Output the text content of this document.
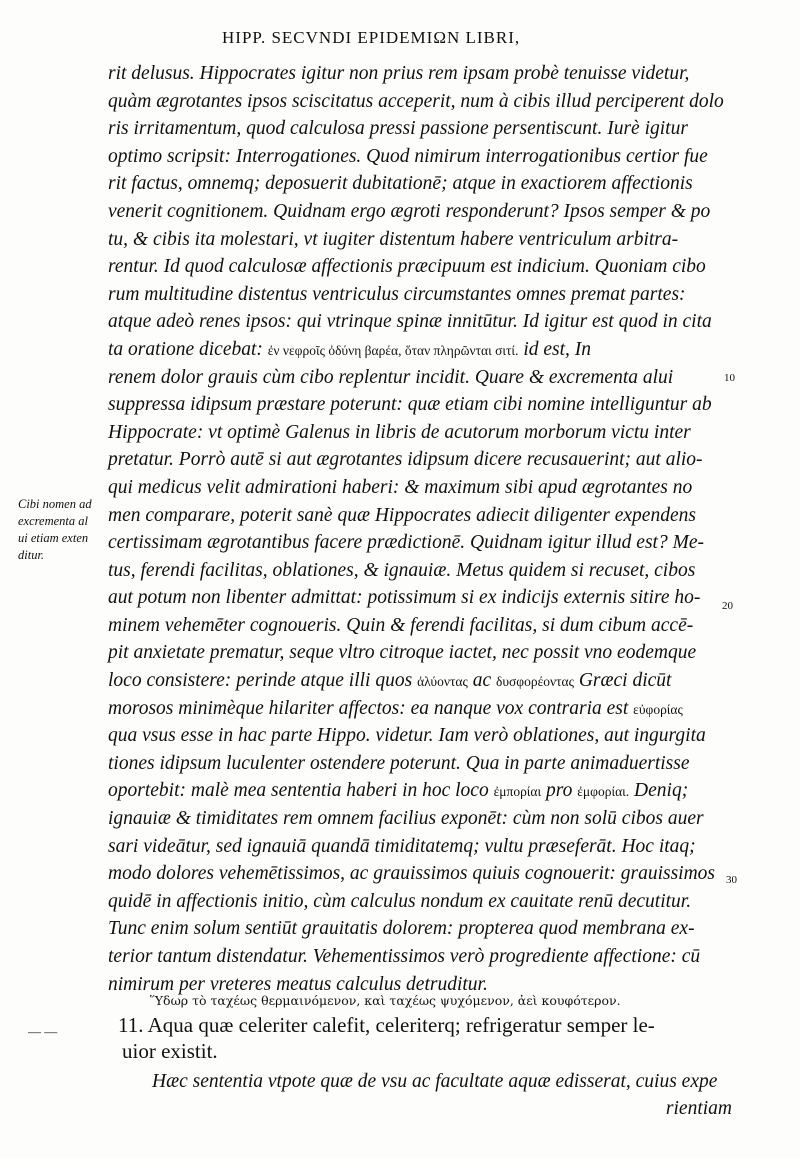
HIPP. SECVNDI EPIDEMIΩN LIBRI,
rit delusus. Hippocrates igitur non prius rem ipsam probè tenuisse videtur,
quàm ægrotantes ipsos sciscitatus acceperit, num à cibis illud perciperent dolo
ris irritamentum, quod calculosa pressi passione persentiscunt. Iurè igitur
optimo scripsit: Interrogationes. Quod nimirum interrogationibus certior fue
rit factus, omnemq; deposuerit dubitationē; atque in exactiorem affectionis
venerit cognitionem. Quidnam ergo ægroti responderunt? Ipsos semper & po
tu, & cibis ita molestari, vt iugiter distentum habere ventriculum arbitra-
rentur. Id quod calculosæ affectionis præcipuum est indicium. Quoniam cibo
rum multitudine distentus ventriculus circumstantes omnes premat partes:
atque adeò renes ipsos: qui vtrinque spinæ innitūtur. Id igitur est quod in cita
ta oratione dicebat: ἐν νεφροῖς ὀδύνη βαρέα, ὅταν πληρῶνται σιτί. id est, In
renem dolor grauis cùm cibo replentur incidit. Quare & excrementa alui
suppressa idipsum præstare poterunt: quæ etiam cibi nomine intelliguntur ab
Hippocrate: vt optimè Galenus in libris de acutorum morborum victu inter
pretatur. Porrò autē si aut ægrotantes idipsum dicere recusauerint; aut alio-
qui medicus velit admirationi haberi: & maximum sibi apud ægrotantes no
men comparare, poterit sanè quæ Hippocrates adiecit diligenter expendens
certissimam ægrotantibus facere prædictionē. Quidnam igitur illud est? Me-
tus, ferendi facilitas, oblationes, & ignauiæ. Metus quidem si recuset, cibos
aut potum non libenter admittat: potissimum si ex indicijs externis sitire ho-
minem vehemēter cognoueris. Quin & ferendi facilitas, si dum cibum accē-
pit anxietate prematur, seque vltro citroque iactet, nec possit vno eodemque
loco consistere: perinde atque illi quos ἀλύοντας ac δυσφορέοντας Græci dicūt
morosos minimèque hilariter affectos: ea nanque vox contraria est εὐφορίας
qua vsus esse in hac parte Hippo. videtur. Iam verò oblationes, aut ingurgita
tiones idipsum luculenter ostendere poterunt. Qua in parte animaduertisse
oportebit: malè mea sententia haberi in hoc loco ἐμπορίαι pro ἐμφορίαι. Deniq;
ignauiæ & timiditates rem omnem facilius exponēt: cùm non solū cibos auer
sari videātur, sed ignauiā quandā timiditatemq; vultu præseferāt. Hoc itaq;
modo dolores vehemētissimos, ac grauissimos quiuis cognouerit: grauissimos
quidē in affectionis initio, cùm calculus nondum ex cauitate renū decutitur.
Tunc enim solum sentiūt grauitatis dolorem: propterea quod membrana ex-
terior tantum distendatur. Vehementissimos verò progrediente affectione: cū
nimirum per vreteres meatus calculus detruditur.
Cibi nomen ad
excrementa al
ui etiam exten
ditur.
10
20
30
Ὕδωρ τὸ ταχέως θερμαινόμενον, καὶ ταχέως ψυχόμενον, ἀεὶ κουφότερον.
— —	11. Aqua quæ celeriter calefit, celeriterq; refrigeratur semper le-
uior existit.
Hæc sententia vtpote quæ de vsu ac facultate aquæ edisserat, cuius expe
rientiam
